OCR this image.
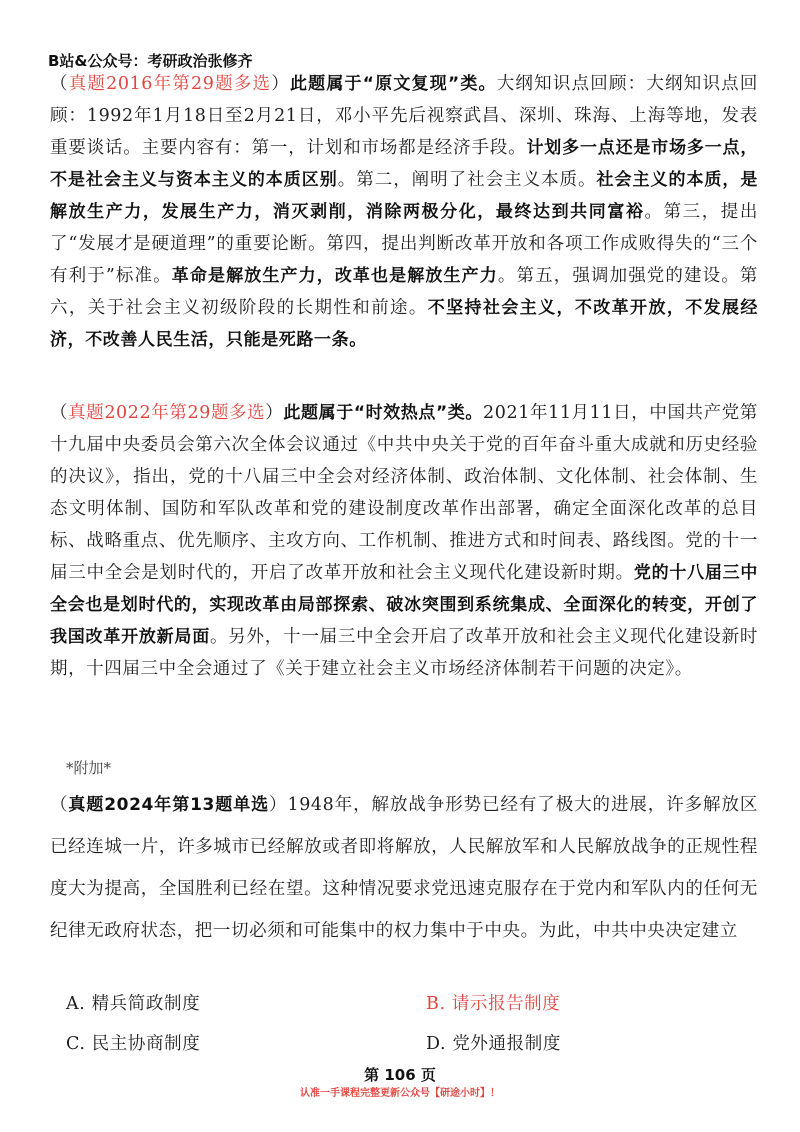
B站&公众号：考研政治张修齐
（真题2016年第29题多选）此题属于“原文复现”类。大纲知识点回顾：大纲知识点回顾：1992年1月18日至2月21日，邓小平先后视察武昌、深圳、珠海、上海等地，发表重要谈话。主要内容有：第一，计划和市场都是经济手段。计划多一点还是市场多一点，不是社会主义与资本主义的本质区别。第二，阐明了社会主义本质。社会主义的本质，是解放生产力，发展生产力，消灭剥削，消除两极分化，最终达到共同富裕。第三，提出了“发展才是硬道理”的重要论断。第四，提出判断改革开放和各项工作成败得失的“三个有利于”标准。革命是解放生产力，改革也是解放生产力。第五，强调加强党的建设。第六，关于社会主义初级阶段的长期性和前途。不坚持社会主义，不改革开放，不发展经济，不改善人民生活，只能是死路一条。
（真题2022年第29题多选）此题属于“时效热点”类。2021年11月11日，中国共产党第十九届中央委员会第六次全体会议通过《中共中央关于党的百年奋斗重大成就和历史经验的决议》，指出，党的十八届三中全会对经济体制、政治体制、文化体制、社会体制、生态文明体制、国防和军队改革和党的建设制度改革作出部署，确定全面深化改革的总目标、战略重点、优先顺序、主攻方向、工作机制、推进方式和时间表、路线图。党的十一届三中全会是划时代的，开启了改革开放和社会主义现代化建设新时期。党的十八届三中全会也是划时代的，实现改革由局部探索、破冰突围到系统集成、全面深化的转变，开创了我国改革开放新局面。另外，十一届三中全会开启了改革开放和社会主义现代化建设新时期，十四届三中全会通过了《关于建立社会主义市场经济体制若干问题的决定》。
*附加*
（真题2024年第13题单选）1948年，解放战争形势已经有了极大的进展，许多解放区已经连城一片，许多城市已经解放或者即将解放，人民解放军和人民解放战争的正规性程度大为提高，全国胜利已经在望。这种情况要求党迅速克服存在于党内和军队内的任何无纪律无政府状态，把一切必须和可能集中的权力集中于中央。为此，中共中央决定建立
A. 精兵简政制度	B. 请示报告制度
C. 民主协商制度	D. 党外通报制度
第 106 页
认准一手课程完整更新公众号【研途小时】！
